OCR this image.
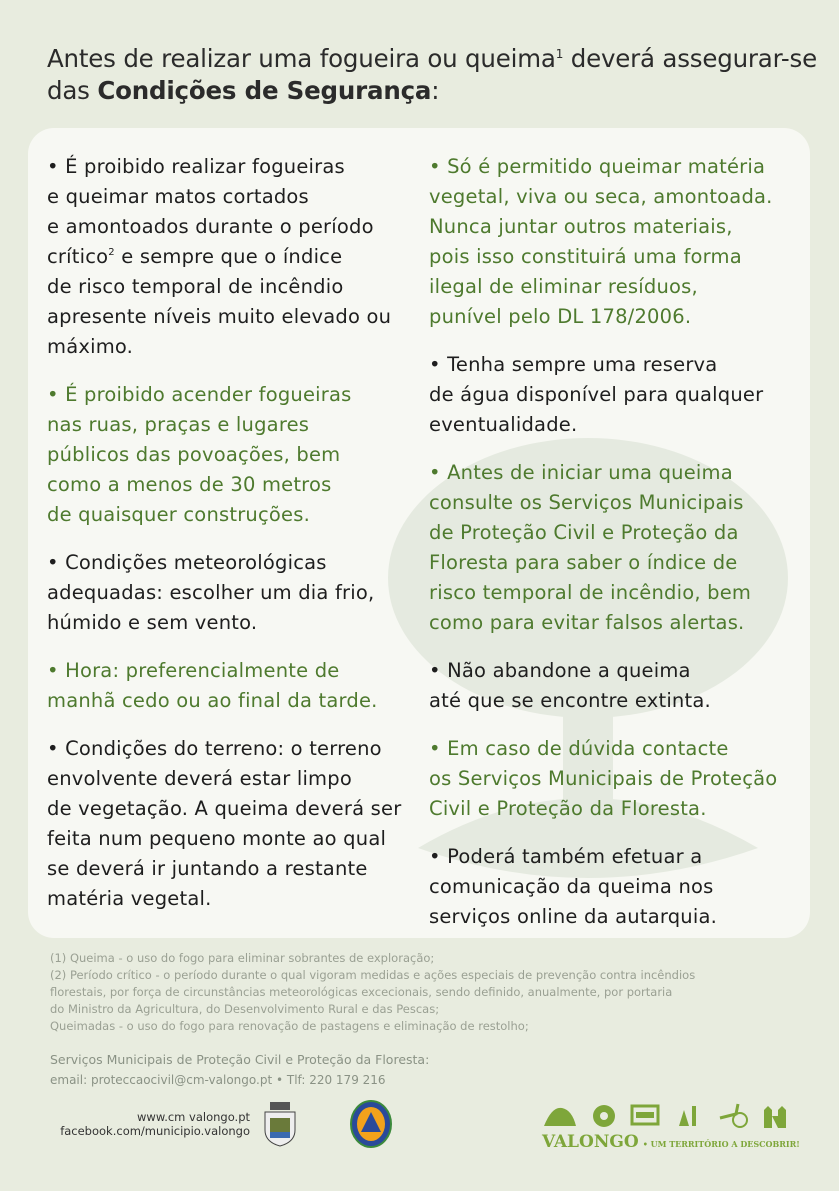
Antes de realizar uma fogueira ou queima$^1$ deverá assegurar-se
das Condições de Segurança:
• É proibido realizar fogueiras
e queimar matos cortados
e amontoados durante o período
crítico$^2$ e sempre que o índice
de risco temporal de incêndio
apresente níveis muito elevado ou
máximo.
• É proibido acender fogueiras
nas ruas, praças e lugares
públicos das povoações, bem
como a menos de 30 metros
de quaisquer construções.
• Condições meteorológicas
adequadas: escolher um dia frio,
húmido e sem vento.
• Hora: preferencialmente de
manhã cedo ou ao final da tarde.
• Condições do terreno: o terreno
envolvente deverá estar limpo
de vegetação. A queima deverá ser
feita num pequeno monte ao qual
se deverá ir juntando a restante
matéria vegetal.
• Só é permitido queimar matéria
vegetal, viva ou seca, amontoada.
Nunca juntar outros materiais,
pois isso constituirá uma forma
ilegal de eliminar resíduos,
punível pelo DL 178/2006.
• Tenha sempre uma reserva
de água disponível para qualquer
eventualidade.
• Antes de iniciar uma queima
consulte os Serviços Municipais
de Proteção Civil e Proteção da
Floresta para saber o índice de
risco temporal de incêndio, bem
como para evitar falsos alertas.
• Não abandone a queima
até que se encontre extinta.
• Em caso de dúvida contacte
os Serviços Municipais de Proteção
Civil e Proteção da Floresta.
• Poderá também efetuar a
comunicação da queima nos
serviços online da autarquia.
(1) Queima - o uso do fogo para eliminar sobrantes de exploração;
(2) Período crítico - o período durante o qual vigoram medidas e ações especiais de prevenção contra incêndios
florestais, por força de circunstâncias meteorológicas excecionais, sendo definido, anualmente, por portaria
do Ministro da Agricultura, do Desenvolvimento Rural e das Pescas;
Queimadas - o uso do fogo para renovação de pastagens e eliminação de restolho;
Serviços Municipais de Proteção Civil e Proteção da Floresta:
email: proteccaocivil@cm-valongo.pt • Tlf: 220 179 216
www.cm valongo.pt
facebook.com/municipio.valongo
VALONGO • UM TERRITÓRIO A DESCOBRIR!
